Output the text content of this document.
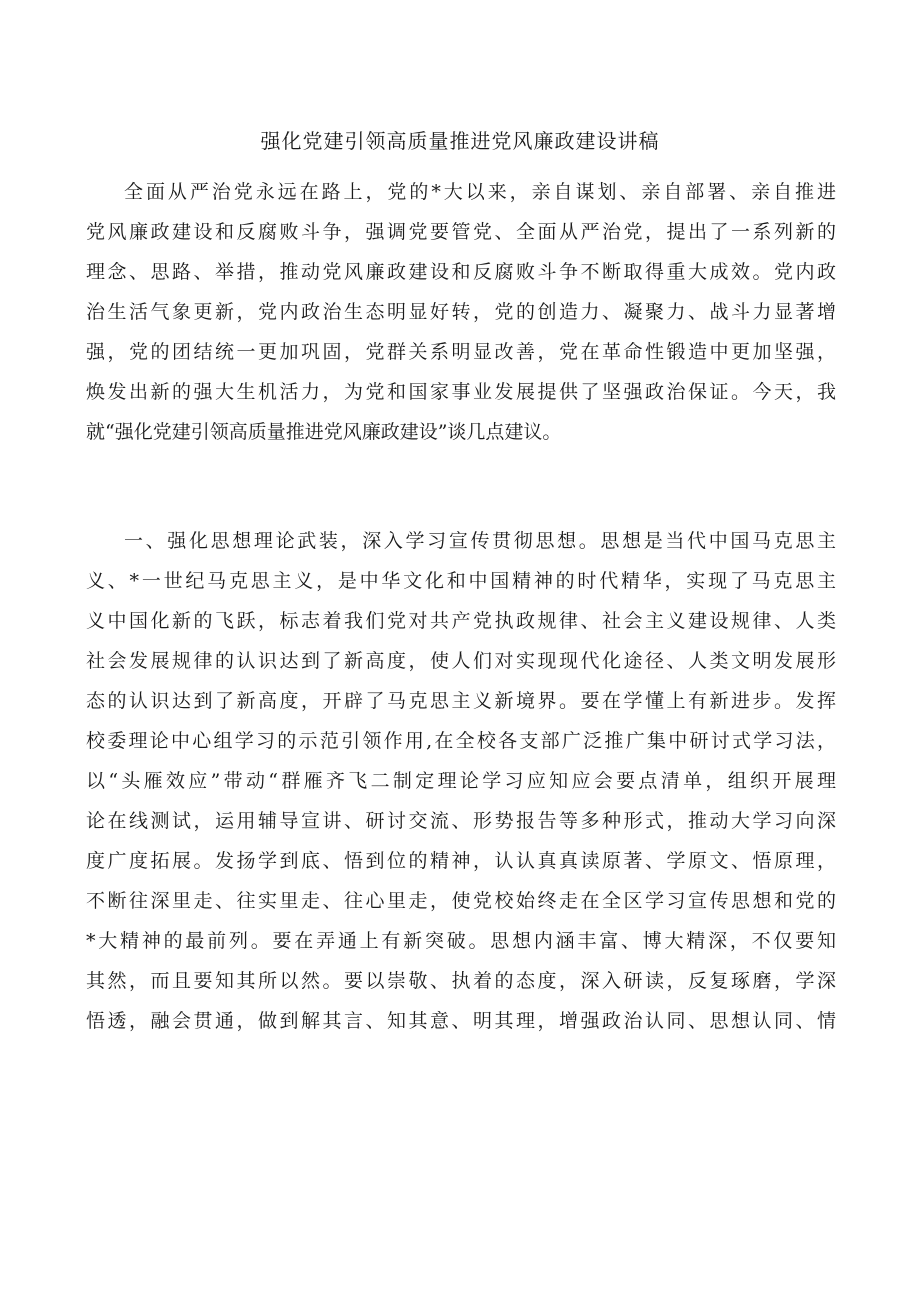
强化党建引领高质量推进党风廉政建设讲稿
全面从严治党永远在路上，党的*大以来，亲自谋划、亲自部署、亲自推进
党风廉政建设和反腐败斗争，强调党要管党、全面从严治党，提出了一系列新的
理念、思路、举措，推动党风廉政建设和反腐败斗争不断取得重大成效。党内政
治生活气象更新，党内政治生态明显好转，党的创造力、凝聚力、战斗力显著增
强，党的团结统一更加巩固，党群关系明显改善，党在革命性锻造中更加坚强，
焕发出新的强大生机活力，为党和国家事业发展提供了坚强政治保证。今天，我
就“强化党建引领高质量推进党风廉政建设”谈几点建议。
一、强化思想理论武装，深入学习宣传贯彻思想。思想是当代中国马克思主
义、*一世纪马克思主义，是中华文化和中国精神的时代精华，实现了马克思主
义中国化新的飞跃，标志着我们党对共产党执政规律、社会主义建设规律、人类
社会发展规律的认识达到了新高度，使人们对实现现代化途径、人类文明发展形
态的认识达到了新高度，开辟了马克思主义新境界。要在学懂上有新进步。发挥
校委理论中心组学习的示范引领作用,在全校各支部广泛推广集中研讨式学习法，
以“头雁效应”带动“群雁齐飞二制定理论学习应知应会要点清单，组织开展理
论在线测试，运用辅导宣讲、研讨交流、形势报告等多种形式，推动大学习向深
度广度拓展。发扬学到底、悟到位的精神，认认真真读原著、学原文、悟原理，
不断往深里走、往实里走、往心里走，使党校始终走在全区学习宣传思想和党的
*大精神的最前列。要在弄通上有新突破。思想内涵丰富、博大精深，不仅要知
其然，而且要知其所以然。要以崇敬、执着的态度，深入研读，反复琢磨，学深
悟透，融会贯通，做到解其言、知其意、明其理，增强政治认同、思想认同、情
